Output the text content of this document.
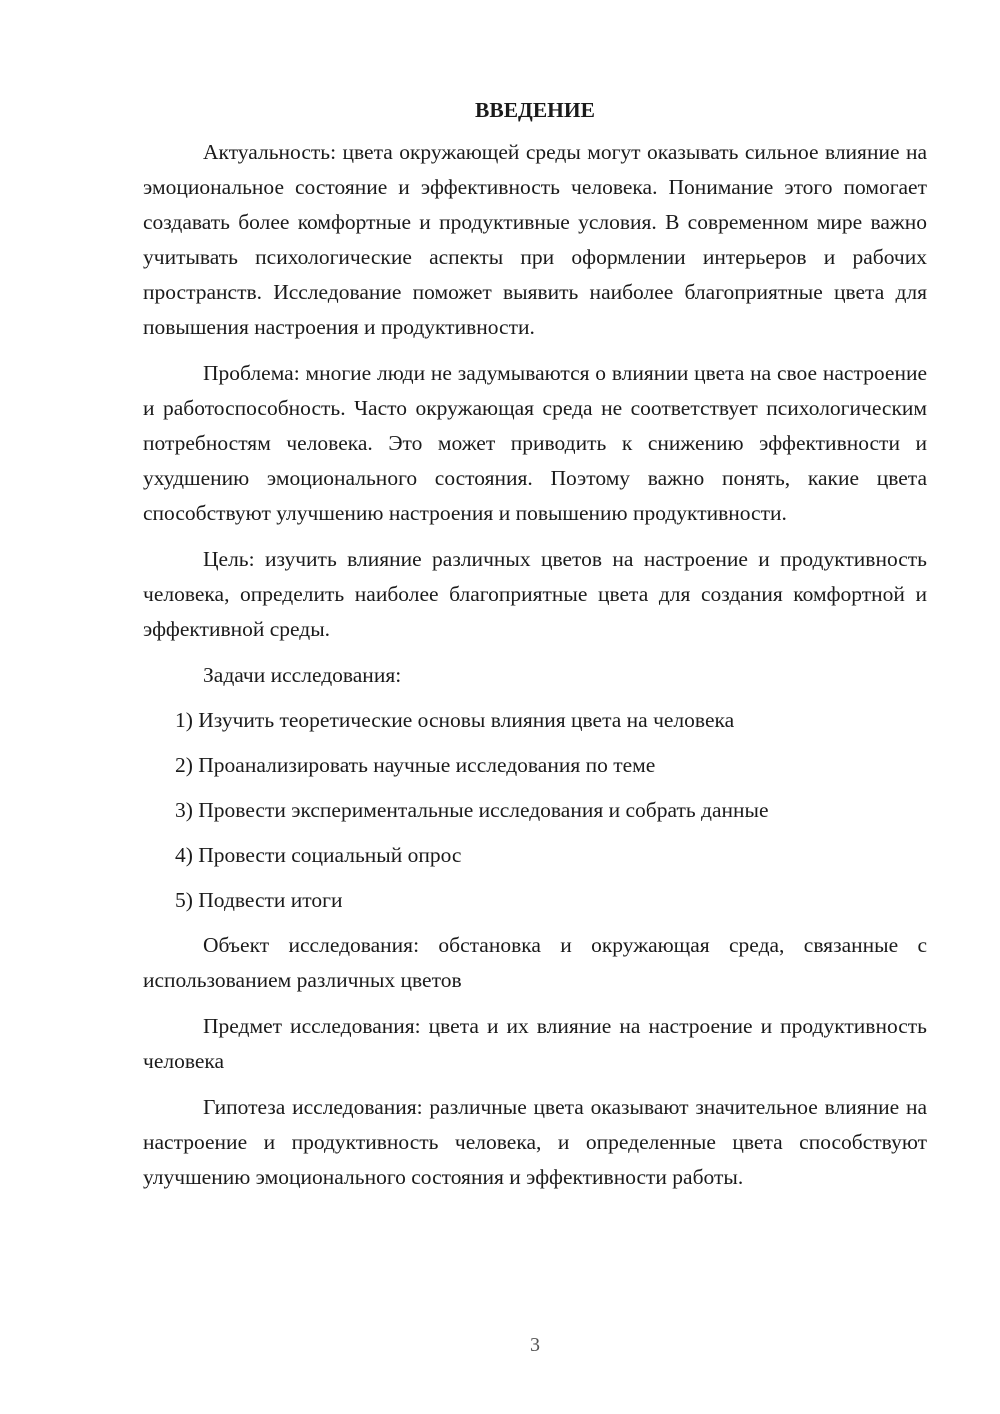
ВВЕДЕНИЕ

Актуальность: цвета окружающей среды могут оказывать сильное влияние на эмоциональное состояние и эффективность человека. Понимание этого помогает создавать более комфортные и продуктивные условия. В современном мире важно учитывать психологические аспекты при оформлении интерьеров и рабочих пространств. Исследование поможет выявить наиболее благоприятные цвета для повышения настроения и продуктивности.

Проблема: многие люди не задумываются о влиянии цвета на свое настроение и работоспособность. Часто окружающая среда не соответствует психологическим потребностям человека. Это может приводить к снижению эффективности и ухудшению эмоционального состояния. Поэтому важно понять, какие цвета способствуют улучшению настроения и повышению продуктивности.

Цель: изучить влияние различных цветов на настроение и продуктивность человека, определить наиболее благоприятные цвета для создания комфортной и эффективной среды.

Задачи исследования:

1) Изучить теоретические основы влияния цвета на человека
2) Проанализировать научные исследования по теме
3) Провести экспериментальные исследования и собрать данные
4) Провести социальный опрос
5) Подвести итоги

Объект исследования: обстановка и окружающая среда, связанные с использованием различных цветов

Предмет исследования: цвета и их влияние на настроение и продуктивность человека

Гипотеза исследования: различные цвета оказывают значительное влияние на настроение и продуктивность человека, и определенные цвета способствуют улучшению эмоционального состояния и эффективности работы.

3
